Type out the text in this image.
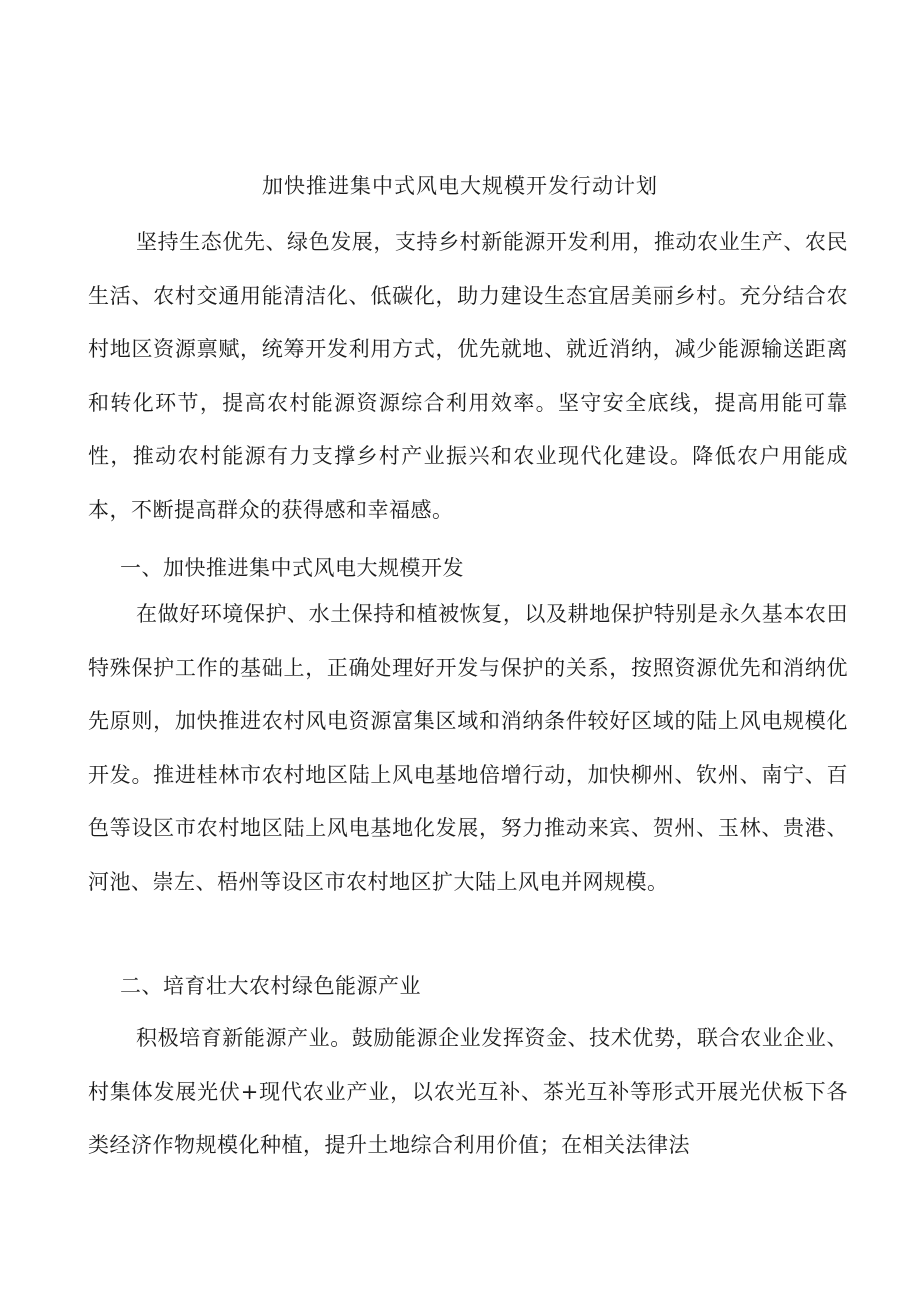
加快推进集中式风电大规模开发行动计划

坚持生态优先、绿色发展，支持乡村新能源开发利用，推动农业生产、农民生活、农村交通用能清洁化、低碳化，助力建设生态宜居美丽乡村。充分结合农村地区资源禀赋，统筹开发利用方式，优先就地、就近消纳，减少能源输送距离和转化环节，提高农村能源资源综合利用效率。坚守安全底线，提高用能可靠性，推动农村能源有力支撑乡村产业振兴和农业现代化建设。降低农户用能成本，不断提高群众的获得感和幸福感。

一、加快推进集中式风电大规模开发

在做好环境保护、水土保持和植被恢复，以及耕地保护特别是永久基本农田特殊保护工作的基础上，正确处理好开发与保护的关系，按照资源优先和消纳优先原则，加快推进农村风电资源富集区域和消纳条件较好区域的陆上风电规模化开发。推进桂林市农村地区陆上风电基地倍增行动，加快柳州、钦州、南宁、百色等设区市农村地区陆上风电基地化发展，努力推动来宾、贺州、玉林、贵港、河池、崇左、梧州等设区市农村地区扩大陆上风电并网规模。

二、培育壮大农村绿色能源产业

积极培育新能源产业。鼓励能源企业发挥资金、技术优势，联合农业企业、村集体发展光伏+现代农业产业，以农光互补、茶光互补等形式开展光伏板下各类经济作物规模化种植，提升土地综合利用价值；在相关法律法
